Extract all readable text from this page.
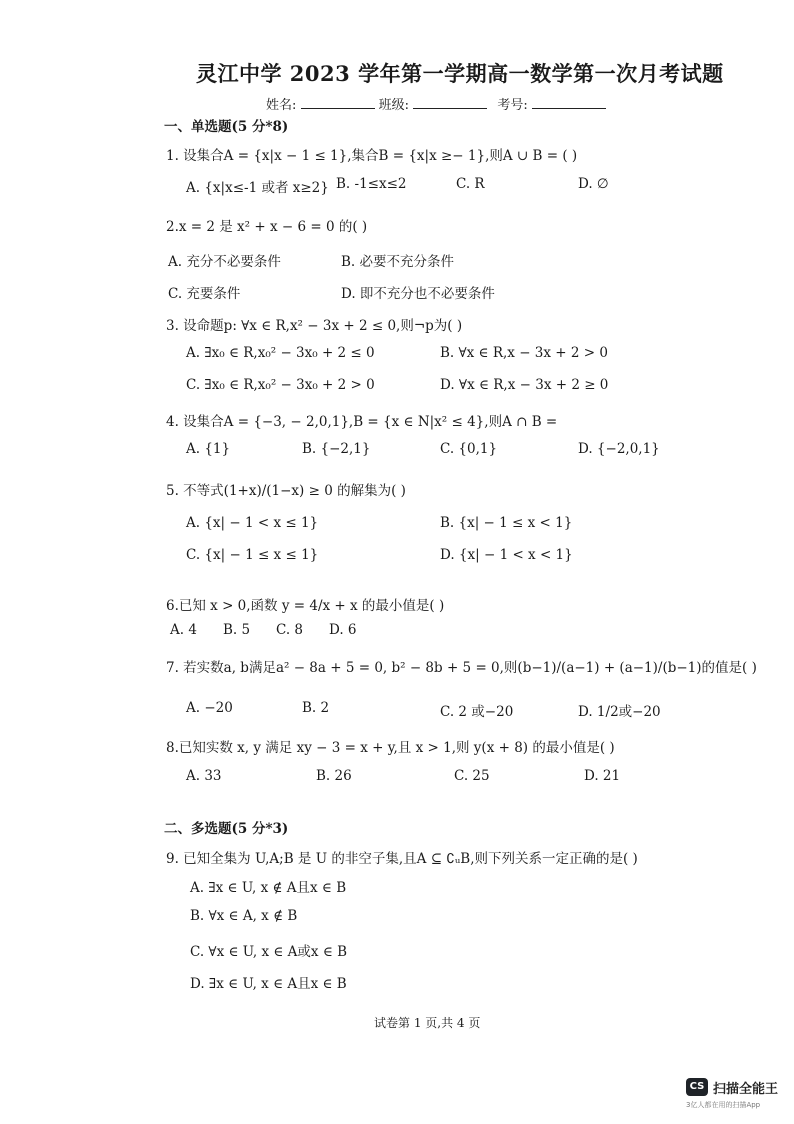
灵江中学 2023 学年第一学期高一数学第一次月考试题
姓名:	班级:	考号:
一、单选题(5 分*8)
1. 设集合A = {x|x − 1 ≤ 1},集合B = {x|x ≥− 1},则A ∪ B = ( )
A. {x|x≤-1 或者 x≥2} B. -1≤x≤2	C. R	D. ∅
2.x = 2 是 x² + x − 6 = 0 的( )
A. 充分不必要条件	B. 必要不充分条件
C. 充要条件	D. 即不充分也不必要条件
3. 设命题p: ∀x ∈ R,x² − 3x + 2 ≤ 0,则¬p为( )
A. ∃x₀ ∈ R,x₀² − 3x₀ + 2 ≤ 0	B. ∀x ∈ R,x − 3x + 2 > 0
C. ∃x₀ ∈ R,x₀² − 3x₀ + 2 > 0	D. ∀x ∈ R,x − 3x + 2 ≥ 0
4. 设集合A = {−3, − 2,0,1},B = {x ∈ N|x² ≤ 4},则A ∩ B =
A. {1}	B. {−2,1}	C. {0,1}	D. {−2,0,1}
5. 不等式(1+x)/(1−x) ≥ 0 的解集为( )
A. {x| − 1 < x ≤ 1}	B. {x| − 1 ≤ x < 1}
C. {x| − 1 ≤ x ≤ 1}	D. {x| − 1 < x < 1}
6.已知 x > 0,函数 y = 4/x + x 的最小值是( )
A. 4 B. 5 C. 8 D. 6
7. 若实数a, b满足a² − 8a + 5 = 0, b² − 8b + 5 = 0,则(b−1)/(a−1) + (a−1)/(b−1)的值是( )
A. −20	B. 2	C. 2 或−20	D. 1/2或−20
8.已知实数 x, y 满足 xy − 3 = x + y,且 x > 1,则 y(x + 8) 的最小值是( )
A. 33	B. 26	C. 25	D. 21
二、多选题(5 分*3)
9. 已知全集为 U,A;B 是 U 的非空子集,且A ⊆ ∁ᵤB,则下列关系一定正确的是( )
A. ∃x ∈ U, x ∉ A且x ∈ B
B. ∀x ∈ A, x ∉ B
C. ∀x ∈ U, x ∈ A或x ∈ B
D. ∃x ∈ U, x ∈ A且x ∈ B
试卷第 1 页,共 4 页
CS 扫描全能王
3亿人都在用的扫描App
